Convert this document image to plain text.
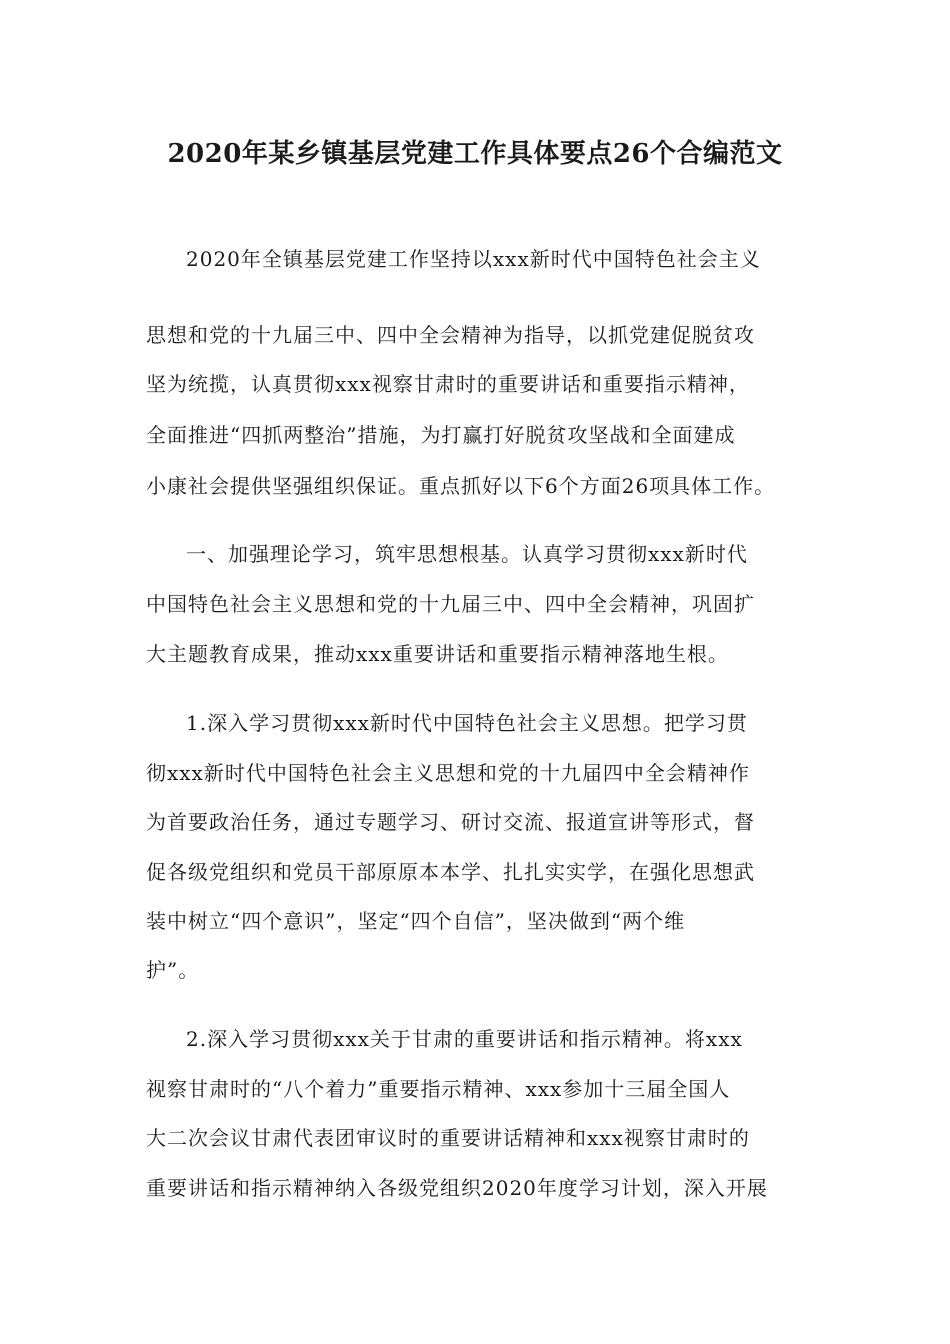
2020年某乡镇基层党建工作具体要点26个合编范文

2020年全镇基层党建工作坚持以xxx新时代中国特色社会主义

思想和党的十九届三中、四中全会精神为指导，以抓党建促脱贫攻

坚为统揽，认真贯彻xxx视察甘肃时的重要讲话和重要指示精神，

全面推进“四抓两整治”措施，为打赢打好脱贫攻坚战和全面建成

小康社会提供坚强组织保证。重点抓好以下6个方面26项具体工作。

一、加强理论学习，筑牢思想根基。认真学习贯彻xxx新时代

中国特色社会主义思想和党的十九届三中、四中全会精神，巩固扩

大主题教育成果，推动xxx重要讲话和重要指示精神落地生根。

1.深入学习贯彻xxx新时代中国特色社会主义思想。把学习贯

彻xxx新时代中国特色社会主义思想和党的十九届四中全会精神作

为首要政治任务，通过专题学习、研讨交流、报道宣讲等形式，督

促各级党组织和党员干部原原本本学、扎扎实实学，在强化思想武

装中树立“四个意识”，坚定“四个自信”，坚决做到“两个维

护”。

2.深入学习贯彻xxx关于甘肃的重要讲话和指示精神。将xxx

视察甘肃时的“八个着力”重要指示精神、xxx参加十三届全国人

大二次会议甘肃代表团审议时的重要讲话精神和xxx视察甘肃时的

重要讲话和指示精神纳入各级党组织2020年度学习计划，深入开展
